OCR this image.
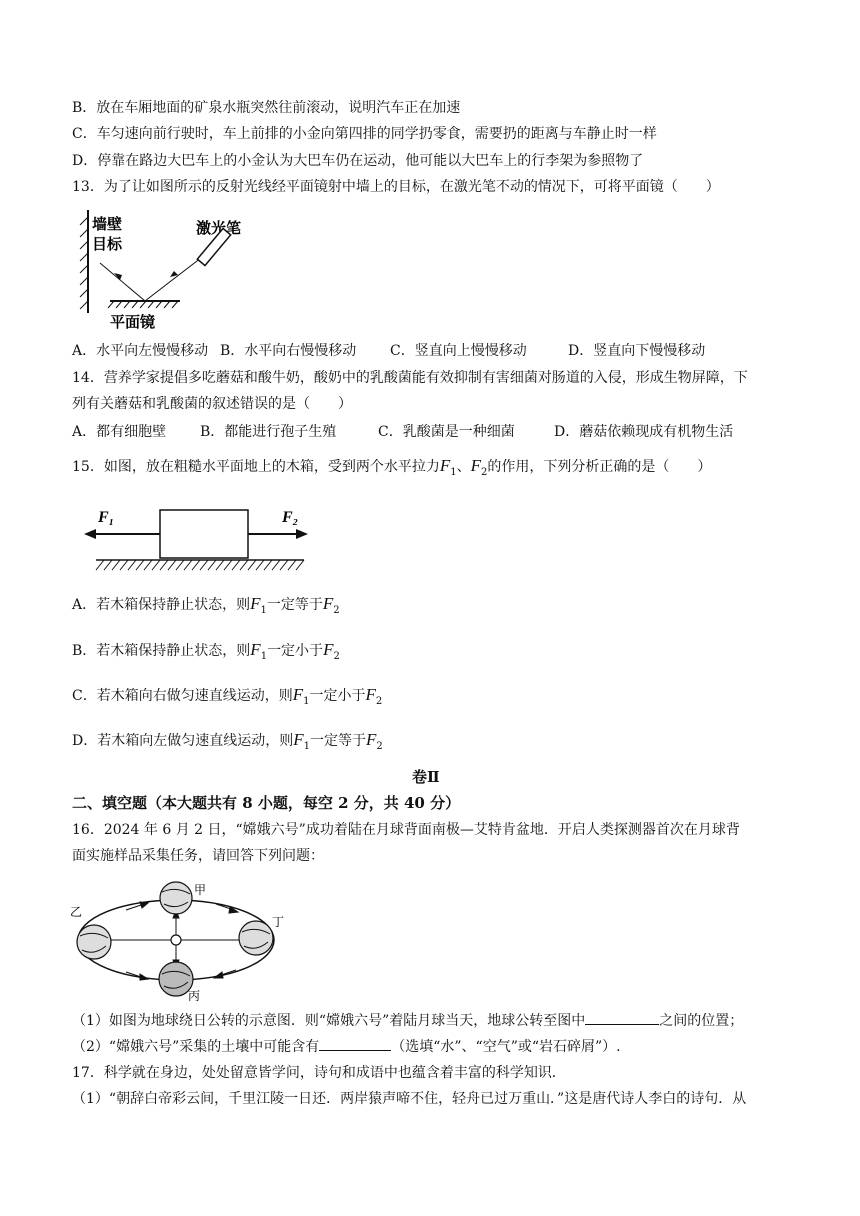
B．放在车厢地面的矿泉水瓶突然往前滚动，说明汽车正在加速
C．车匀速向前行驶时，车上前排的小金向第四排的同学扔零食，需要扔的距离与车静止时一样
D．停靠在路边大巴车上的小金认为大巴车仍在运动，他可能以大巴车上的行李架为参照物了
13．为了让如图所示的反射光线经平面镜射中墙上的目标，在激光笔不动的情况下，可将平面镜（　　）
墙壁
目标
激光笔
平面镜
A．水平向左慢慢移动 B．水平向右慢慢移动 C．竖直向上慢慢移动	D．竖直向下慢慢移动
14．营养学家提倡多吃蘑菇和酸牛奶，酸奶中的乳酸菌能有效抑制有害细菌对肠道的入侵，形成生物屏障，下
列有关蘑菇和乳酸菌的叙述错误的是（　　）
A．都有细胞壁 B．都能进行孢子生殖	C．乳酸菌是一种细菌	D．蘑菇依赖现成有机物生活
15．如图，放在粗糙水平面地上的木箱，受到两个水平拉力$F_1$、$F_2$的作用，下列分析正确的是（　　）
F₁	F₂
A．若木箱保持静止状态，则$F_1$一定等于$F_2$
B．若木箱保持静止状态，则$F_1$一定小于$F_2$
C．若木箱向右做匀速直线运动，则$F_1$一定小于$F_2$
D．若木箱向左做匀速直线运动，则$F_1$一定等于$F_2$
卷Ⅱ
二、填空题（本大题共有 8 小题，每空 2 分，共 40 分）
16．2024 年 6 月 2 日，“嫦娥六号”成功着陆在月球背面南极—艾特肯盆地．开启人类探测器首次在月球背
面实施样品采集任务，请回答下列问题：
甲
乙
丁
丙
（1）如图为地球绕日公转的示意图．则“嫦娥六号”着陆月球当天，地球公转至图中	之间的位置；
（2）“嫦娥六号”采集的土壤中可能含有	（选填“水”、“空气”或“岩石碎屑”）.
17．科学就在身边，处处留意皆学问，诗句和成语中也蕴含着丰富的科学知识．
（1）“朝辞白帝彩云间，千里江陵一日还．两岸猿声啼不住，轻舟已过万重山．”这是唐代诗人李白的诗句．从
